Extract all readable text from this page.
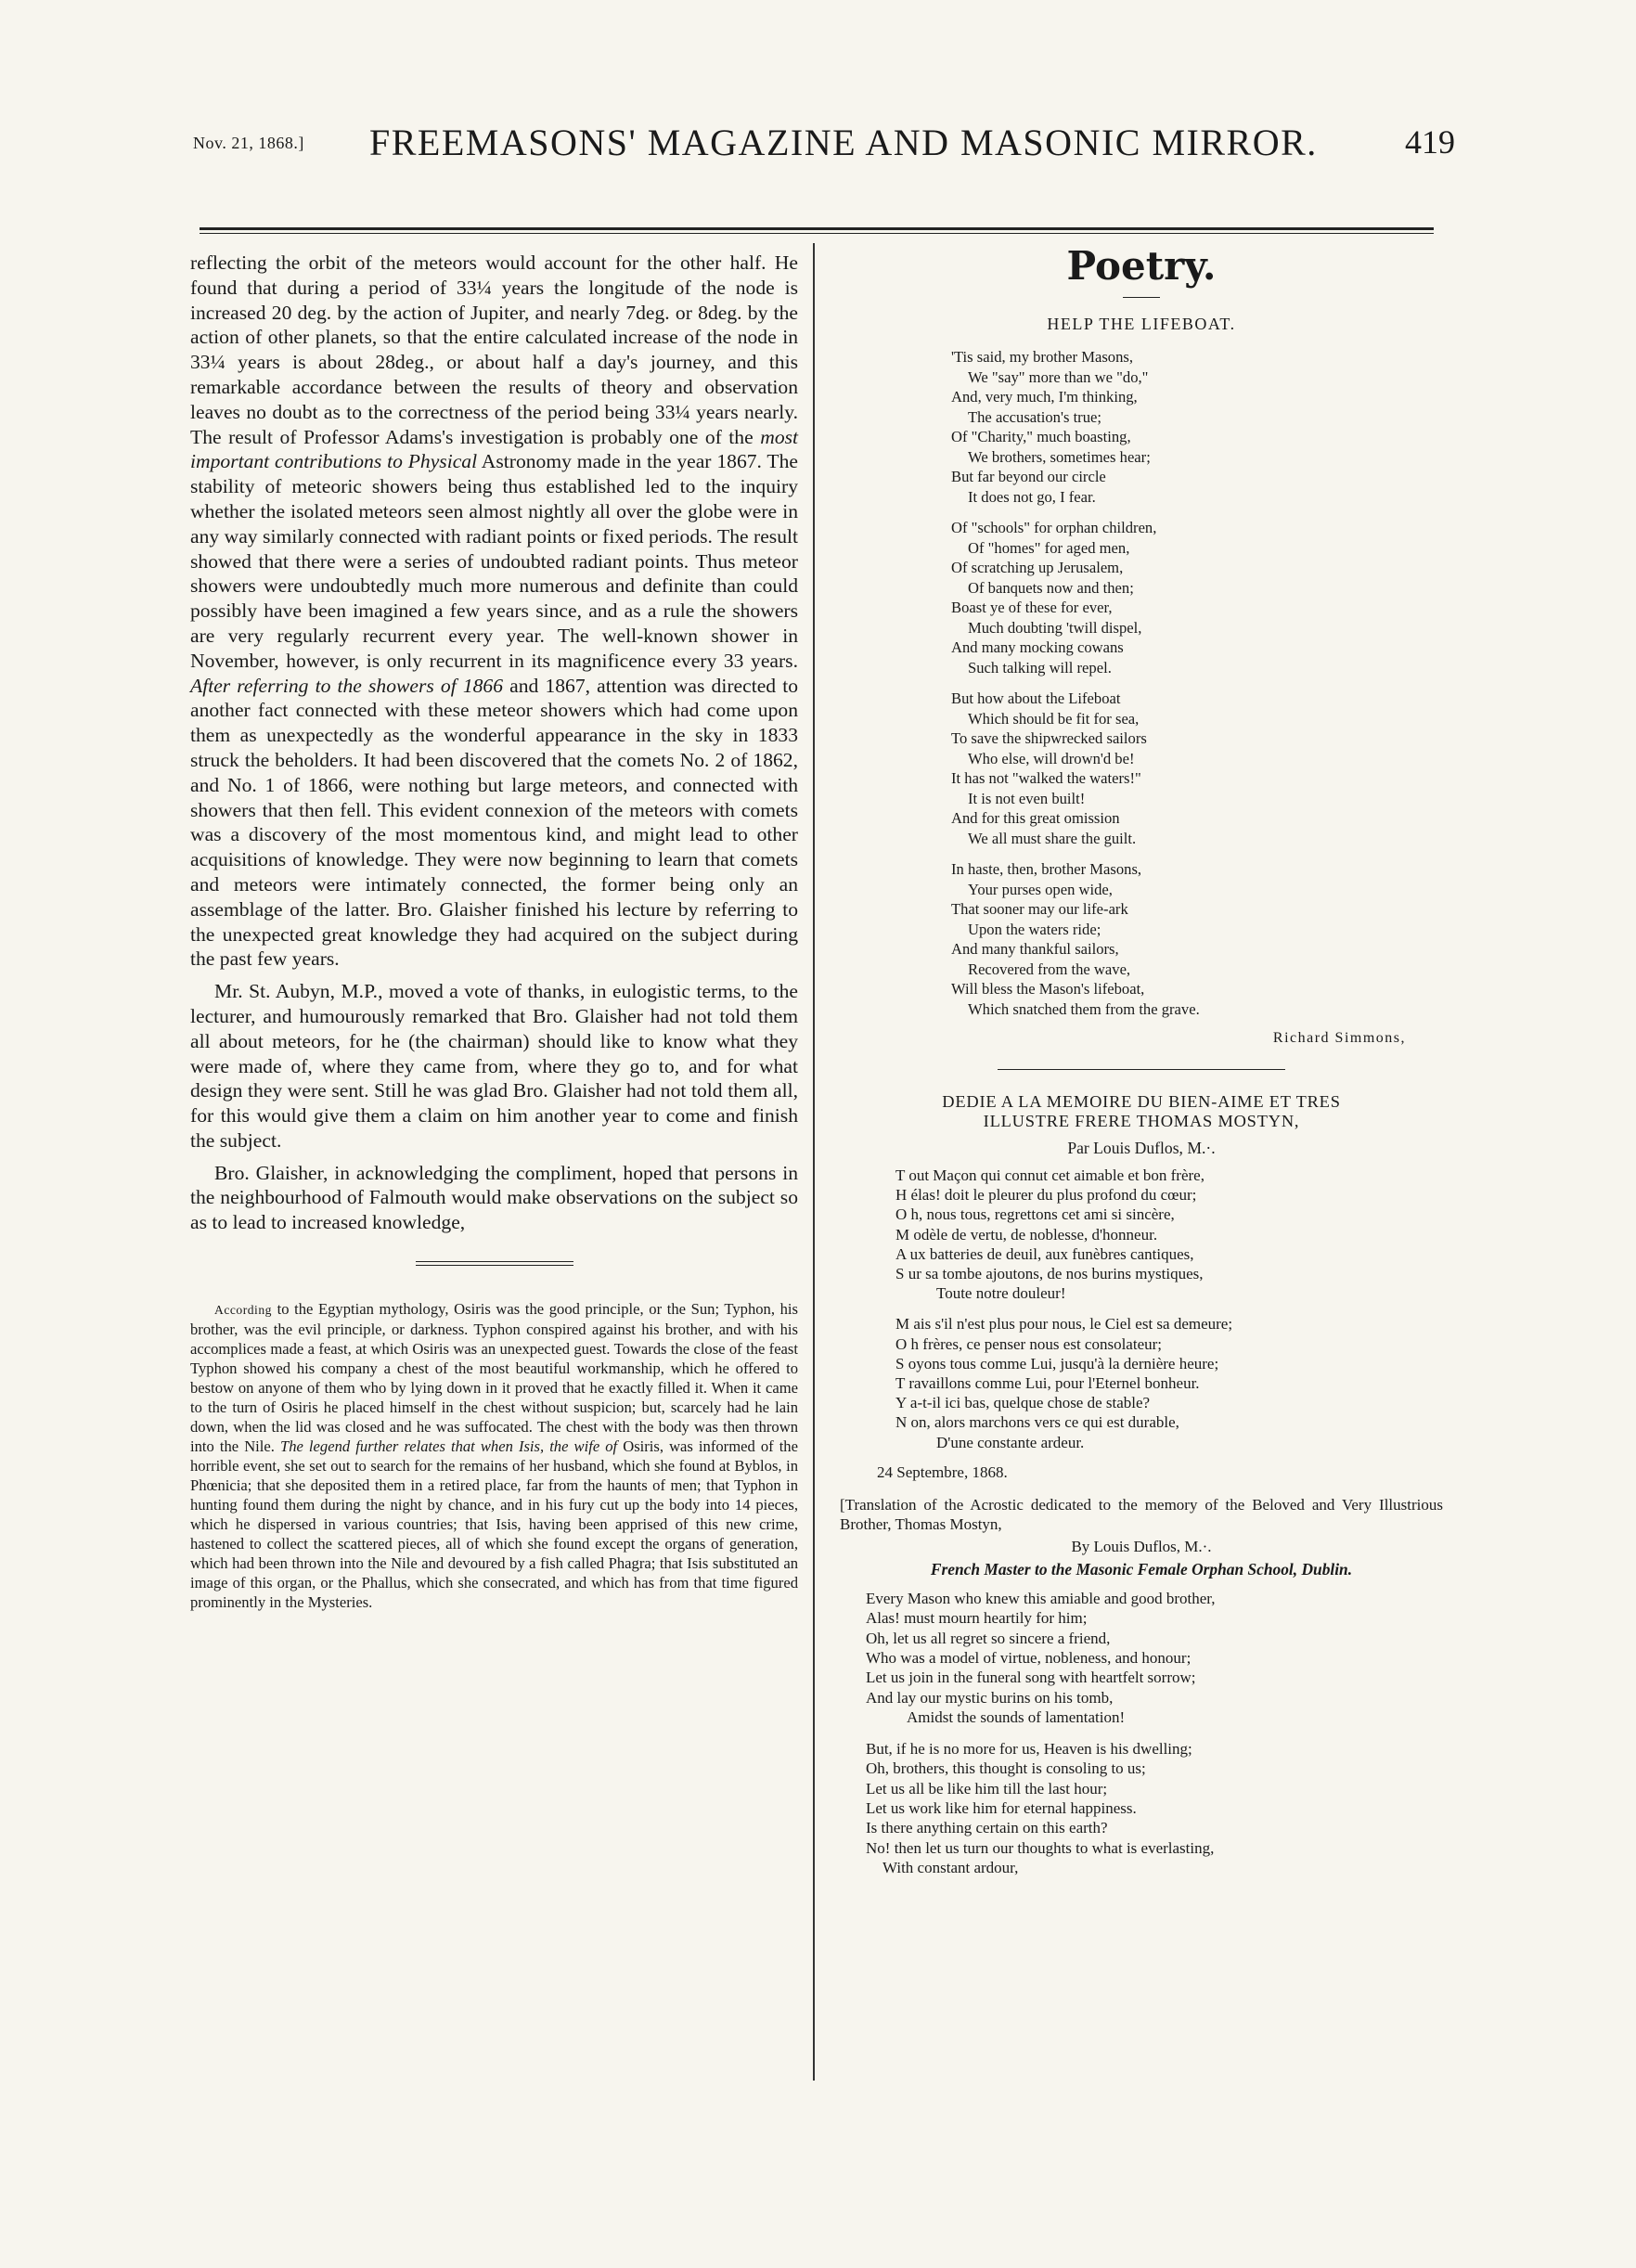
Nov. 21, 1868.] FREEMASONS' MAGAZINE AND MASONIC MIRROR.	419

reflecting the orbit of the meteors would account for the other half. He found that during a period of 33¼ years the longitude of the node is increased 20 deg. by the action of Jupiter, and nearly 7deg. or 8deg. by the action of other planets, so that the entire calculated increase of the node in 33¼ years is about 28deg., or about half a day's journey, and this remarkable accordance between the results of theory and observation leaves no doubt as to the correctness of the period being 33¼ years nearly. The result of Professor Adams's investigation is probably one of the most important contributions to Physical Astronomy made in the year 1867. The stability of meteoric showers being thus established led to the inquiry whether the isolated meteors seen almost nightly all over the globe were in any way similarly connected with radiant points or fixed periods. The result showed that there were a series of undoubted radiant points. Thus meteor showers were undoubtedly much more numerous and definite than could possibly have been imagined a few years since, and as a rule the showers are very regularly recurrent every year. The well-known shower in November, however, is only recurrent in its magnificence every 33 years. After referring to the showers of 1866 and 1867, attention was directed to another fact connected with these meteor showers which had come upon them as unexpectedly as the wonderful appearance in the sky in 1833 struck the beholders. It had been discovered that the comets No. 2 of 1862, and No. 1 of 1866, were nothing but large meteors, and connected with showers that then fell. This evident connexion of the meteors with comets was a discovery of the most momentous kind, and might lead to other acquisitions of knowledge. They were now beginning to learn that comets and meteors were intimately connected, the former being only an assemblage of the latter. Bro. Glaisher finished his lecture by referring to the unexpected great knowledge they had acquired on the subject during the past few years.

Mr. St. Aubyn, M.P., moved a vote of thanks, in eulogistic terms, to the lecturer, and humourously remarked that Bro. Glaisher had not told them all about meteors, for he (the chairman) should like to know what they were made of, where they came from, where they go to, and for what design they were sent. Still he was glad Bro. Glaisher had not told them all, for this would give them a claim on him another year to come and finish the subject.

Bro. Glaisher, in acknowledging the compliment, hoped that persons in the neighbourhood of Falmouth would make observations on the subject so as to lead to increased knowledge,

According to the Egyptian mythology, Osiris was the good principle, or the Sun; Typhon, his brother, was the evil principle, or darkness. Typhon conspired against his brother, and with his accomplices made a feast, at which Osiris was an unexpected guest. Towards the close of the feast Typhon showed his company a chest of the most beautiful workmanship, which he offered to bestow on anyone of them who by lying down in it proved that he exactly filled it. When it came to the turn of Osiris he placed himself in the chest without suspicion; but, scarcely had he lain down, when the lid was closed and he was suffocated. The chest with the body was then thrown into the Nile. The legend further relates that when Isis, the wife of Osiris, was informed of the horrible event, she set out to search for the remains of her husband, which she found at Byblos, in Phœnicia; that she deposited them in a retired place, far from the haunts of men; that Typhon in hunting found them during the night by chance, and in his fury cut up the body into 14 pieces, which he dispersed in various countries; that Isis, having been apprised of this new crime, hastened to collect the scattered pieces, all of which she found except the organs of generation, which had been thrown into the Nile and devoured by a fish called Phagra; that Isis substituted an image of this organ, or the Phallus, which she consecrated, and which has from that time figured prominently in the Mysteries.

Poetry.

HELP THE LIFEBOAT.

'Tis said, my brother Masons,
We "say" more than we "do,"
And, very much, I'm thinking,
The accusation's true;
Of "Charity," much boasting,
We brothers, sometimes hear;
But far beyond our circle
It does not go, I fear.
Of "schools" for orphan children,
Of "homes" for aged men,
Of scratching up Jerusalem,
Of banquets now and then;
Boast ye of these for ever,
Much doubting 'twill dispel,
And many mocking cowans
Such talking will repel.
But how about the Lifeboat
Which should be fit for sea,
To save the shipwrecked sailors
Who else, will drown'd be!
It has not "walked the waters!"
It is not even built!
And for this great omission
We all must share the guilt.
In haste, then, brother Masons,
Your purses open wide,
That sooner may our life-ark
Upon the waters ride;
And many thankful sailors,
Recovered from the wave,
Will bless the Mason's lifeboat,
Which snatched them from the grave.

Richard Simmons,

DEDIE A LA MEMOIRE DU BIEN-AIME ET TRES

ILLUSTRE FRERE THOMAS MOSTYN,

Par Louis Duflos, M.·.

T out Maçon qui connut cet aimable et bon frère,
H élas! doit le pleurer du plus profond du cœur;
O h, nous tous, regrettons cet ami si sincère,
M odèle de vertu, de noblesse, d'honneur.
A ux batteries de deuil, aux funèbres cantiques,
S ur sa tombe ajoutons, de nos burins mystiques,
Toute notre douleur!
M ais s'il n'est plus pour nous, le Ciel est sa demeure;
O h frères, ce penser nous est consolateur;
S oyons tous comme Lui, jusqu'à la dernière heure;
T ravaillons comme Lui, pour l'Eternel bonheur.
Y a-t-il ici bas, quelque chose de stable?
N on, alors marchons vers ce qui est durable,
D'une constante ardeur.

24 Septembre, 1868.

[Translation of the Acrostic dedicated to the memory of the Beloved and Very Illustrious Brother, Thomas Mostyn,

By Louis Duflos, M.·.

French Master to the Masonic Female Orphan School, Dublin.

Every Mason who knew this amiable and good brother,
Alas! must mourn heartily for him;
Oh, let us all regret so sincere a friend,
Who was a model of virtue, nobleness, and honour;
Let us join in the funeral song with heartfelt sorrow;
And lay our mystic burins on his tomb,
Amidst the sounds of lamentation!
But, if he is no more for us, Heaven is his dwelling;
Oh, brothers, this thought is consoling to us;
Let us all be like him till the last hour;
Let us work like him for eternal happiness.
Is there anything certain on this earth?
No! then let us turn our thoughts to what is everlasting,
With constant ardour,
